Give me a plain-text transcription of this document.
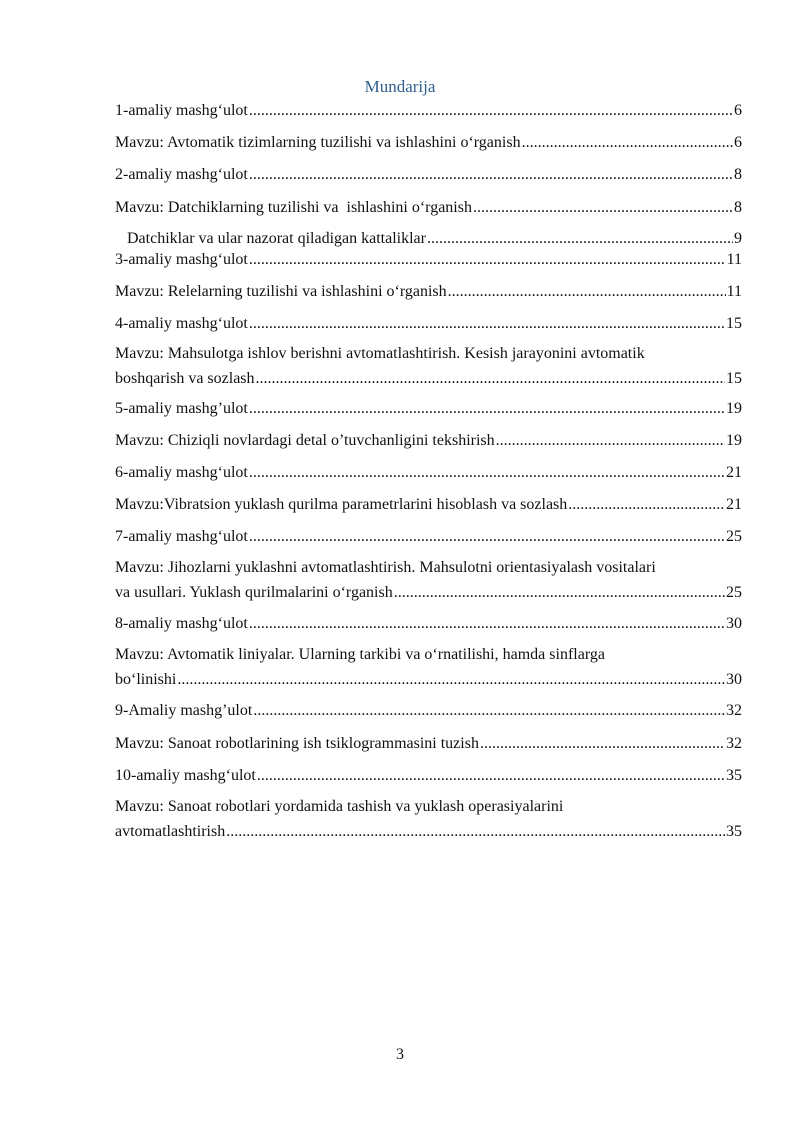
Mundarija
1-amaliy mashg‘ulot .....	6
Mavzu: Avtomatik tizimlarning tuzilishi va ishlashini o‘rganish .....	6
2-amaliy mashg‘ulot .....	8
Mavzu: Datchiklarning tuzilishi va  ishlashini o‘rganish .....	8
Datchiklar va ular nazorat qiladigan kattaliklar .....	9
3-amaliy mashg‘ulot .....	11
Mavzu: Relelarning tuzilishi va ishlashini o‘rganish .....	11
4-amaliy mashg‘ulot .....	15
Mavzu: Mahsulotga ishlov berishni avtomatlashtirish. Kesish jarayonini avtomatik
boshqarish va sozlash .....	15
5-amaliy mashg’ulot .....	19
Mavzu: Chiziqli novlardagi detal o’tuvchanligini tekshirish .....	19
6-amaliy mashg‘ulot .....	21
Mavzu:Vibratsion yuklash qurilma parametrlarini hisoblash va sozlash .....	21
7-amaliy mashg‘ulot .....	25
Mavzu: Jihozlarni yuklashni avtomatlashtirish. Mahsulotni orientasiyalash vositalari
va usullari. Yuklash qurilmalarini o‘rganish .....	25
8-amaliy mashg‘ulot .....	30
Mavzu: Avtomatik liniyalar. Ularning tarkibi va o‘rnatilishi, hamda sinflarga
bo‘linishi .....	30
9-Amaliy mashg’ulot .....	32
Mavzu: Sanoat robotlarining ish tsiklogrammasini tuzish .....	32
10-amaliy mashg‘ulot .....	35
Mavzu: Sanoat robotlari yordamida tashish va yuklash operasiyalarini
avtomatlashtirish .....	35
3
